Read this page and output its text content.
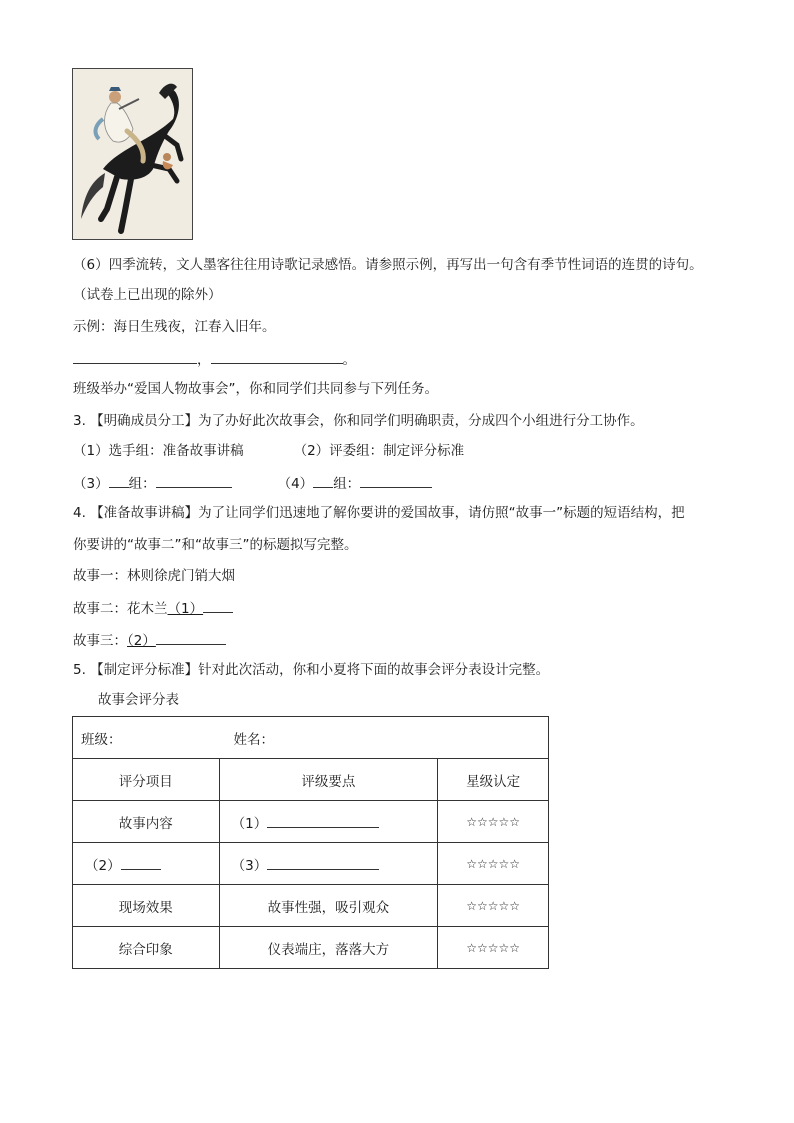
（6）四季流转，文人墨客往往用诗歌记录感悟。请参照示例，再写出一句含有季节性词语的连贯的诗句。
（试卷上已出现的除外）
示例：海日生残夜，江春入旧年。
，	。
班级举办“爱国人物故事会”，你和同学们共同参与下列任务。
3. 【明确成员分工】为了办好此次故事会，你和同学们明确职责，分成四个小组进行分工协作。
（1）选手组：准备故事讲稿	（2）评委组：制定评分标准
（3） 组：	（4） 组：
4. 【准备故事讲稿】为了让同学们迅速地了解你要讲的爱国故事，请仿照“故事一”标题的短语结构，把
你要讲的“故事二”和“故事三”的标题拟写完整。
故事一：林则徐虎门销大烟
故事二：花木兰（1）
故事三：（2）
5. 【制定评分标准】针对此次活动，你和小夏将下面的故事会评分表设计完整。
故事会评分表
班级： 姓名：		
评分项目	评级要点	星级认定
故事内容	（1）	☆☆☆☆☆
（2）	（3）	☆☆☆☆☆
现场效果	故事性强，吸引观众	☆☆☆☆☆
综合印象	仪表端庄，落落大方	☆☆☆☆☆
